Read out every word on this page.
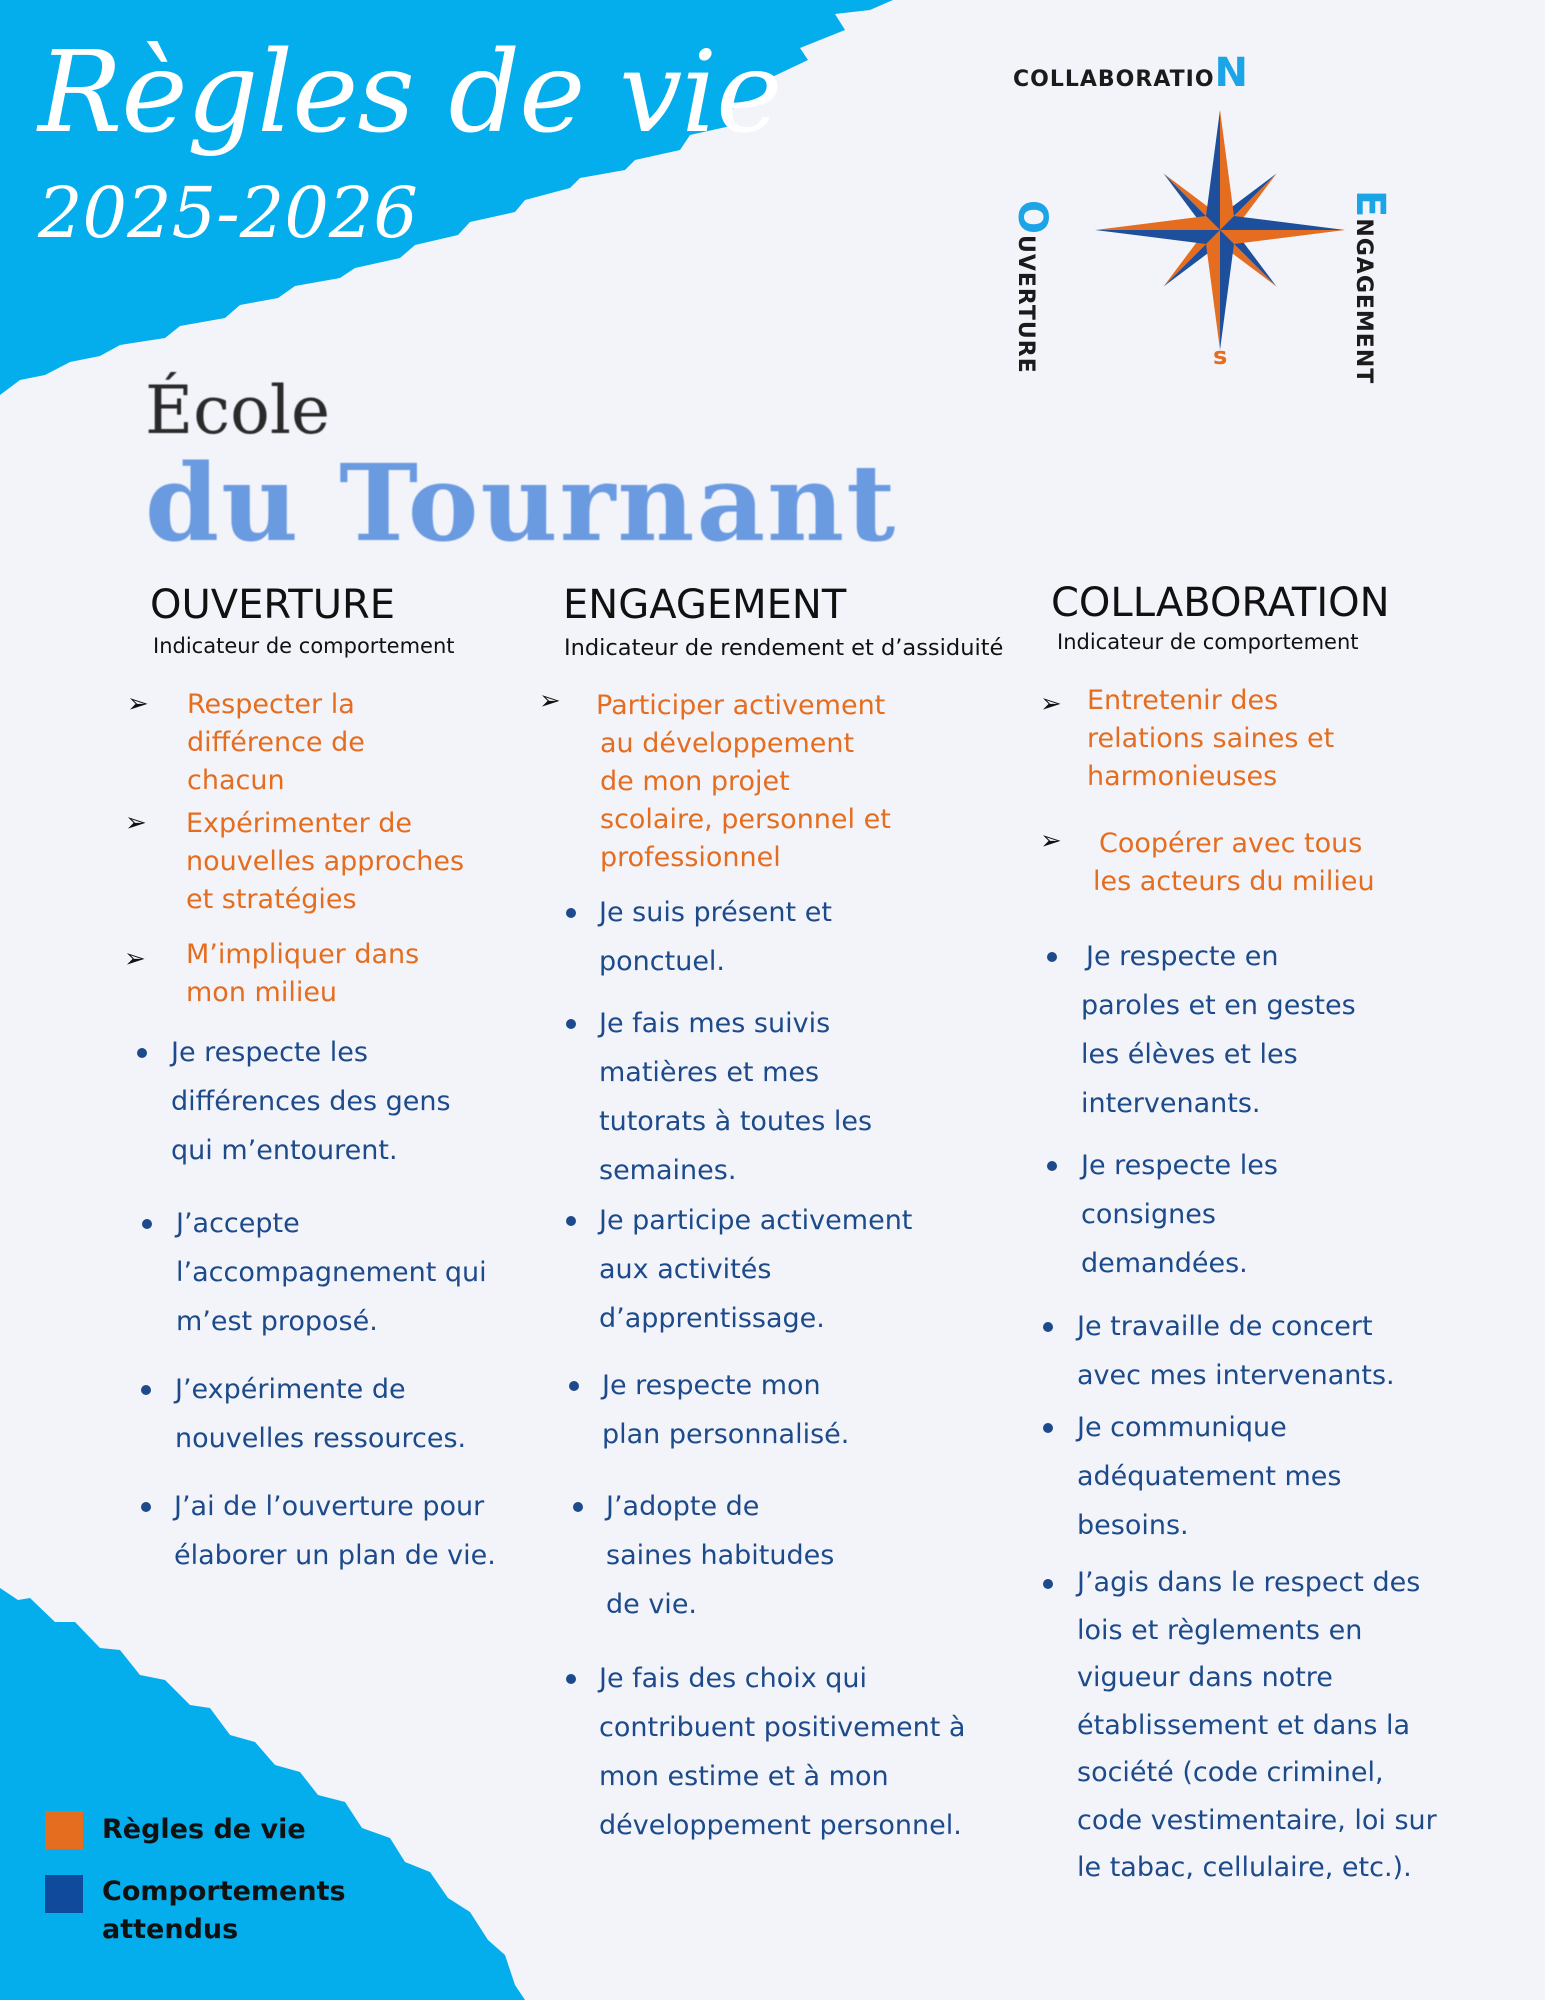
Règles de vie
2025-2026
COLLABORATION
OUVERTURE
ENGAGEMENT
s
École
du Tournant
OUVERTURE
Indicateur de comportement
ENGAGEMENT
Indicateur de rendement et d’assiduité
COLLABORATION
Indicateur de comportement
➢ Respecter la
différence de
chacun
➢ Expérimenter de
nouvelles approches
et stratégies
➢ M’impliquer dans
mon milieu
Je respecte les
différences des gens
qui m’entourent.
J’accepte
l’accompagnement qui
m’est proposé.
J’expérimente de
nouvelles ressources.
J’ai de l’ouverture pour
élaborer un plan de vie.
➢ Participer activement
au développement
de mon projet
scolaire, personnel et
professionnel
Je suis présent et
ponctuel.
Je fais mes suivis
matières et mes
tutorats à toutes les
semaines.
Je participe activement
aux activités
d’apprentissage.
Je respecte mon
plan personnalisé.
J’adopte de
saines habitudes
de vie.
Je fais des choix qui
contribuent positivement à
mon estime et à mon
développement personnel.
➢ Entretenir des
relations saines et
harmonieuses
➢ Coopérer avec tous
les acteurs du milieu
Je respecte en
paroles et en gestes
les élèves et les
intervenants.
Je respecte les
consignes
demandées.
Je travaille de concert
avec mes intervenants.
Je communique
adéquatement mes
besoins.
J’agis dans le respect des
lois et règlements en
vigueur dans notre
établissement et dans la
société (code criminel,
code vestimentaire, loi sur
le tabac, cellulaire, etc.).
Règles de vie
Comportements attendus
